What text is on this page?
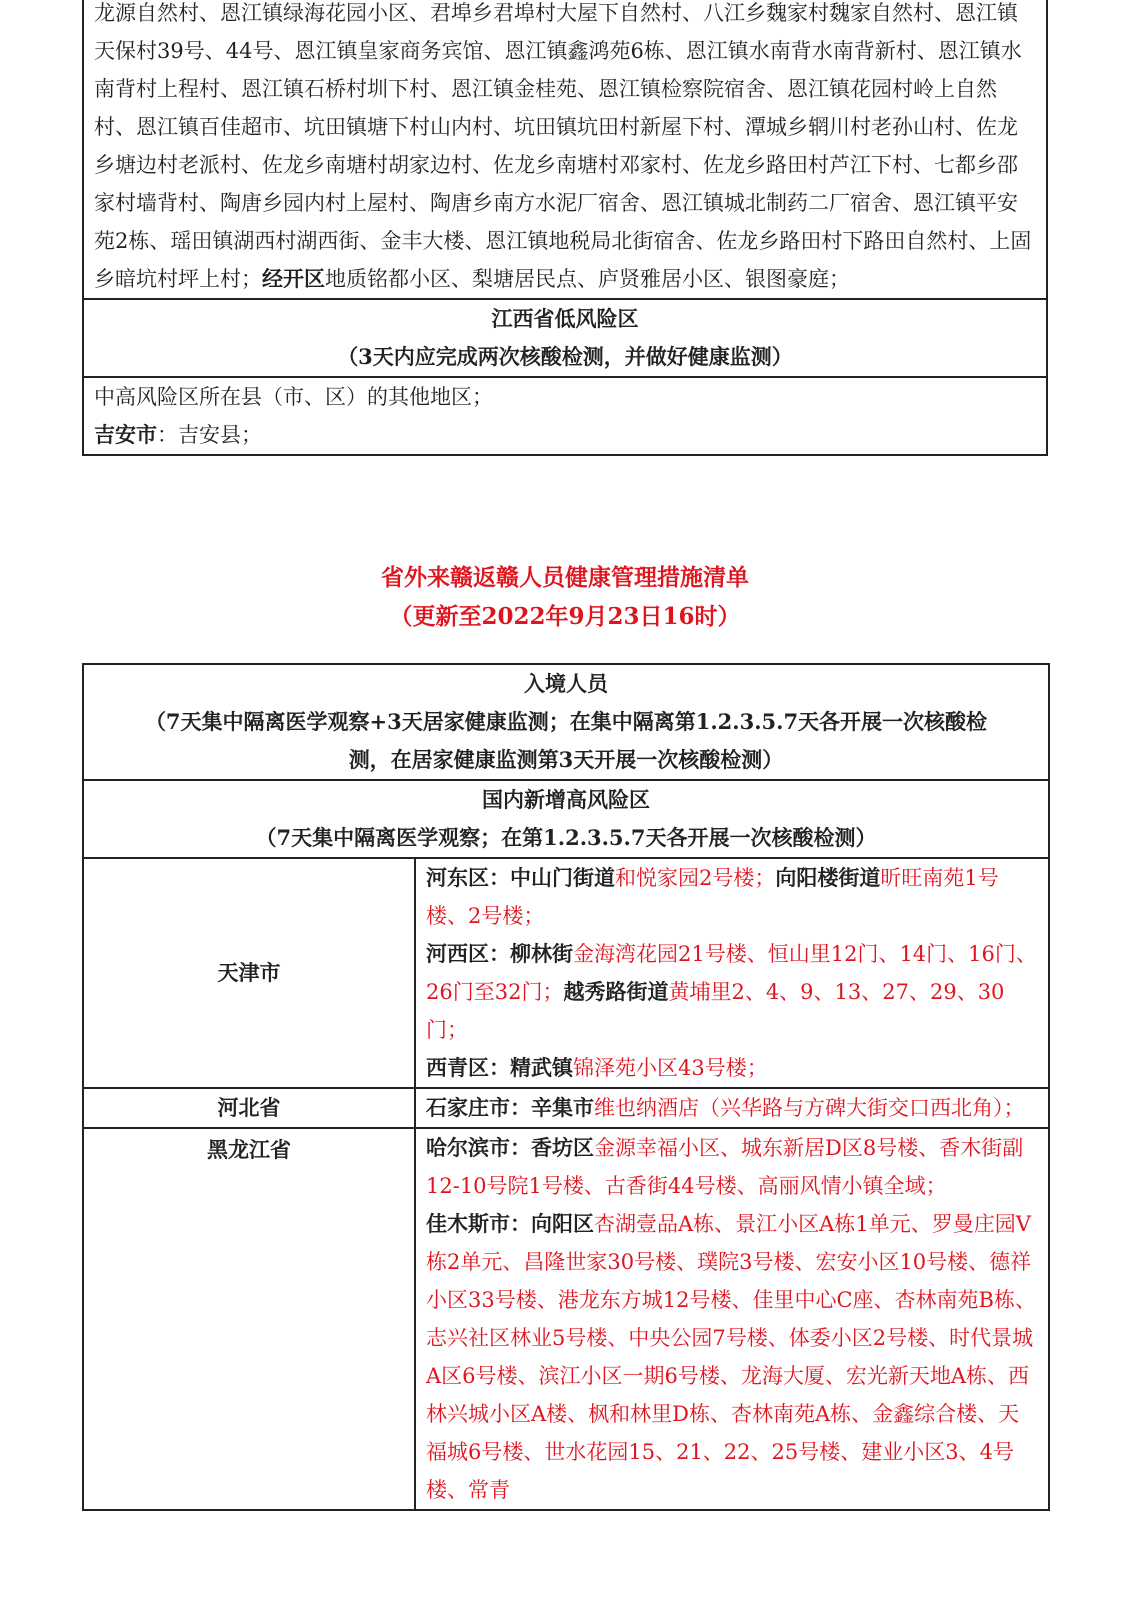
龙源自然村、恩江镇绿海花园小区、君埠乡君埠村大屋下自然村、八江乡魏家村魏家自然村、恩江镇天保村39号、44号、恩江镇皇家商务宾馆、恩江镇鑫鸿苑6栋、恩江镇水南背水南背新村、恩江镇水南背村上程村、恩江镇石桥村圳下村、恩江镇金桂苑、恩江镇检察院宿舍、恩江镇花园村岭上自然村、恩江镇百佳超市、坑田镇塘下村山内村、坑田镇坑田村新屋下村、潭城乡辋川村老孙山村、佐龙乡塘边村老派村、佐龙乡南塘村胡家边村、佐龙乡南塘村邓家村、佐龙乡路田村芦江下村、七都乡邵家村墙背村、陶唐乡园内村上屋村、陶唐乡南方水泥厂宿舍、恩江镇城北制药二厂宿舍、恩江镇平安苑2栋、瑶田镇湖西村湖西街、金丰大楼、恩江镇地税局北街宿舍、佐龙乡路田村下路田自然村、上固乡暗坑村坪上村；经开区地质铭都小区、梨塘居民点、庐贤雅居小区、银图豪庭；

江西省低风险区

（3天内应完成两次核酸检测，并做好健康监测）

中高风险区所在县（市、区）的其他地区；

吉安市：吉安县；

省外来赣返赣人员健康管理措施清单
（更新至2022年9月23日16时）

入境人员

（7天集中隔离医学观察+3天居家健康监测；在集中隔离第1.2.3.5.7天各开展一次核酸检测，在居家健康监测第3天开展一次核酸检测）	

国内新增高风险区

（7天集中隔离医学观察；在第1.2.3.5.7天各开展一次核酸检测）	

天津市	河东区：中山门街道和悦家园2号楼；向阳楼街道昕旺南苑1号楼、2号楼；

河西区：柳林街金海湾花园21号楼、恒山里12门、14门、16门、26门至32门；越秀路街道黄埔里2、4、9、13、27、29、30门；

西青区：精武镇锦泽苑小区43号楼；

河北省	石家庄市：辛集市维也纳酒店（兴华路与方碑大街交口西北角）；

黑龙江省	哈尔滨市：香坊区金源幸福小区、城东新居D区8号楼、香木街副12-10号院1号楼、古香街44号楼、高丽风情小镇全域；

佳木斯市：向阳区杏湖壹品A栋、景江小区A栋1单元、罗曼庄园V栋2单元、昌隆世家30号楼、璞院3号楼、宏安小区10号楼、德祥小区33号楼、港龙东方城12号楼、佳里中心C座、杏林南苑B栋、志兴社区林业5号楼、中央公园7号楼、体委小区2号楼、时代景城A区6号楼、滨江小区一期6号楼、龙海大厦、宏光新天地A栋、西林兴城小区A楼、枫和林里D栋、杏林南苑A栋、金鑫综合楼、天福城6号楼、世水花园15、21、22、25号楼、建业小区3、4号楼、常青
